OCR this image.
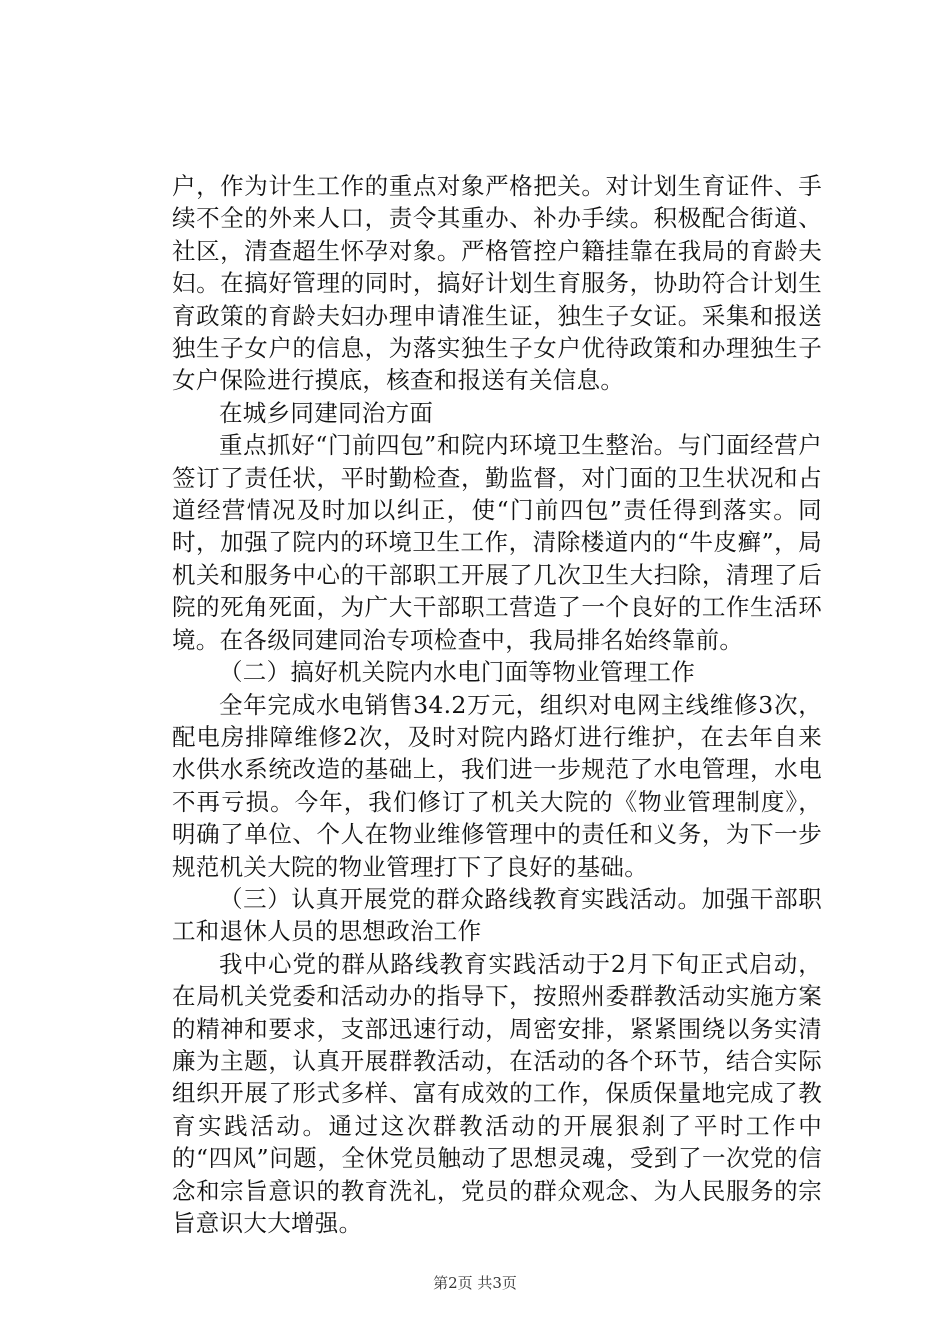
户，作为计生工作的重点对象严格把关。对计划生育证件、手续不全的外来人口，责令其重办、补办手续。积极配合街道、社区，清查超生怀孕对象。严格管控户籍挂靠在我局的育龄夫妇。在搞好管理的同时，搞好计划生育服务，协助符合计划生育政策的育龄夫妇办理申请准生证，独生子女证。采集和报送独生子女户的信息，为落实独生子女户优待政策和办理独生子女户保险进行摸底，核查和报送有关信息。

在城乡同建同治方面

重点抓好“门前四包”和院内环境卫生整治。与门面经营户签订了责任状，平时勤检查，勤监督，对门面的卫生状况和占道经营情况及时加以纠正，使“门前四包”责任得到落实。同时，加强了院内的环境卫生工作，清除楼道内的“牛皮癣”，局机关和服务中心的干部职工开展了几次卫生大扫除，清理了后院的死角死面，为广大干部职工营造了一个良好的工作生活环境。在各级同建同治专项检查中，我局排名始终靠前。

（二）搞好机关院内水电门面等物业管理工作

全年完成水电销售34.2万元，组织对电网主线维修3次，配电房排障维修2次，及时对院内路灯进行维护，在去年自来水供水系统改造的基础上，我们进一步规范了水电管理，水电不再亏损。今年，我们修订了机关大院的《物业管理制度》，明确了单位、个人在物业维修管理中的责任和义务，为下一步规范机关大院的物业管理打下了良好的基础。

（三）认真开展党的群众路线教育实践活动。加强干部职工和退休人员的思想政治工作

我中心党的群从路线教育实践活动于2月下旬正式启动，在局机关党委和活动办的指导下，按照州委群教活动实施方案的精神和要求，支部迅速行动，周密安排，紧紧围绕以务实清廉为主题，认真开展群教活动，在活动的各个环节，结合实际组织开展了形式多样、富有成效的工作，保质保量地完成了教育实践活动。通过这次群教活动的开展狠刹了平时工作中的“四风”问题，全休党员触动了思想灵魂，受到了一次党的信念和宗旨意识的教育洗礼，党员的群众观念、为人民服务的宗旨意识大大增强。

第2页 共3页
